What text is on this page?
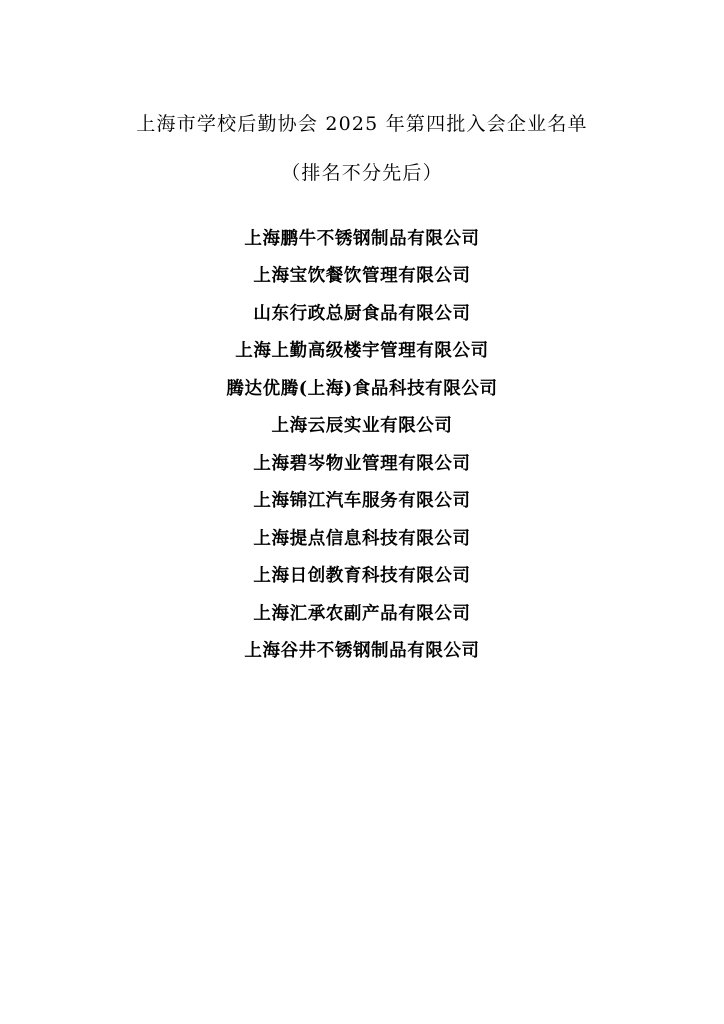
上海市学校后勤协会 2025 年第四批入会企业名单
（排名不分先后）
上海鹏牛不锈钢制品有限公司
上海宝饮餐饮管理有限公司
山东行政总厨食品有限公司
上海上勤高级楼宇管理有限公司
腾达优腾(上海)食品科技有限公司
上海云辰实业有限公司
上海碧岑物业管理有限公司
上海锦江汽车服务有限公司
上海提点信息科技有限公司
上海日创教育科技有限公司
上海汇承农副产品有限公司
上海谷井不锈钢制品有限公司
